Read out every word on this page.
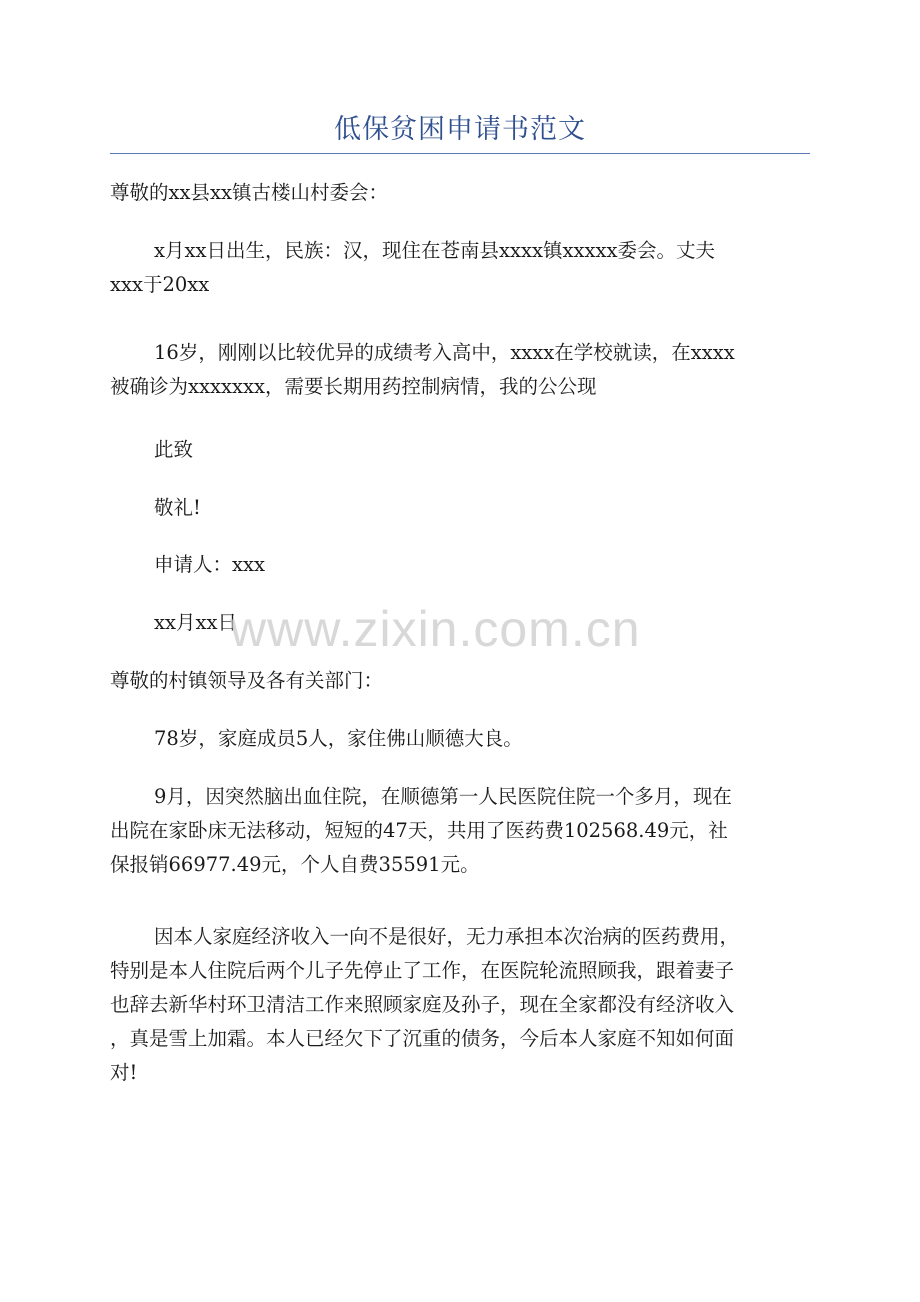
低保贫困申请书范文

尊敬的xx县xx镇古楼山村委会：

x月xx日出生，民族：汉，现住在苍南县xxxx镇xxxxx委会。丈夫
xxx于20xx

16岁，刚刚以比较优异的成绩考入高中，xxxx在学校就读，在xxxx
被确诊为xxxxxxx，需要长期用药控制病情，我的公公现

此致

敬礼!

申请人：xxx

xx月xx日

尊敬的村镇领导及各有关部门：

78岁，家庭成员5人，家住佛山顺德大良。

9月，因突然脑出血住院，在顺德第一人民医院住院一个多月，现在
出院在家卧床无法移动，短短的47天，共用了医药费102568.49元，社
保报销66977.49元，个人自费35591元。

因本人家庭经济收入一向不是很好，无力承担本次治病的医药费用，
特别是本人住院后两个儿子先停止了工作，在医院轮流照顾我，跟着妻子
也辞去新华村环卫清洁工作来照顾家庭及孙子，现在全家都没有经济收入
，真是雪上加霜。本人已经欠下了沉重的债务，今后本人家庭不知如何面
对!

www.zixin.com.cn
